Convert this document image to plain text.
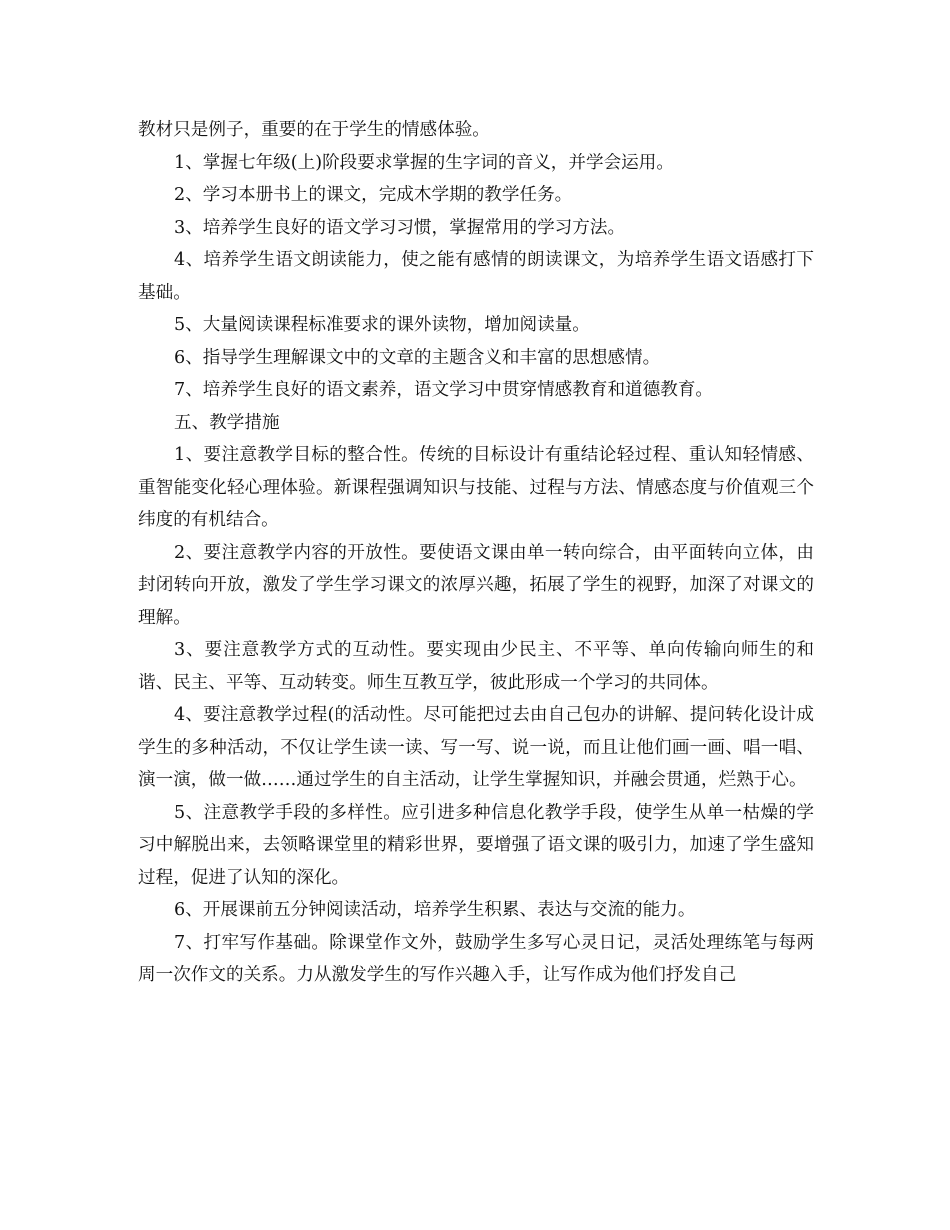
教材只是例子，重要的在于学生的情感体验。

1、掌握七年级(上)阶段要求掌握的生字词的音义，并学会运用。

2、学习本册书上的课文，完成木学期的教学任务。

3、培养学生良好的语文学习习惯，掌握常用的学习方法。

4、培养学生语文朗读能力，使之能有感情的朗读课文，为培养学生语文语感打下基础。

5、大量阅读课程标准要求的课外读物，增加阅读量。

6、指导学生理解课文中的文章的主题含义和丰富的思想感情。

7、培养学生良好的语文素养，语文学习中贯穿情感教育和道德教育。

五、教学措施

1、要注意教学目标的整合性。传统的目标设计有重结论轻过程、重认知轻情感、重智能变化轻心理体验。新课程强调知识与技能、过程与方法、情感态度与价值观三个纬度的有机结合。

2、要注意教学内容的开放性。要使语文课由单一转向综合，由平面转向立体，由封闭转向开放，激发了学生学习课文的浓厚兴趣，拓展了学生的视野，加深了对课文的理解。

3、要注意教学方式的互动性。要实现由少民主、不平等、单向传输向师生的和谐、民主、平等、互动转变。师生互教互学，彼此形成一个学习的共同体。

4、要注意教学过程(的活动性。尽可能把过去由自己包办的讲解、提问转化设计成学生的多种活动，不仅让学生读一读、写一写、说一说，而且让他们画一画、唱一唱、演一演，做一做……通过学生的自主活动，让学生掌握知识，并融会贯通，烂熟于心。

5、注意教学手段的多样性。应引进多种信息化教学手段，使学生从单一枯燥的学习中解脱出来，去领略课堂里的精彩世界，要增强了语文课的吸引力，加速了学生盛知过程，促进了认知的深化。

6、开展课前五分钟阅读活动，培养学生积累、表达与交流的能力。

7、打牢写作基础。除课堂作文外，鼓励学生多写心灵日记，灵活处理练笔与每两周一次作文的关系。力从激发学生的写作兴趣入手，让写作成为他们抒发自己
